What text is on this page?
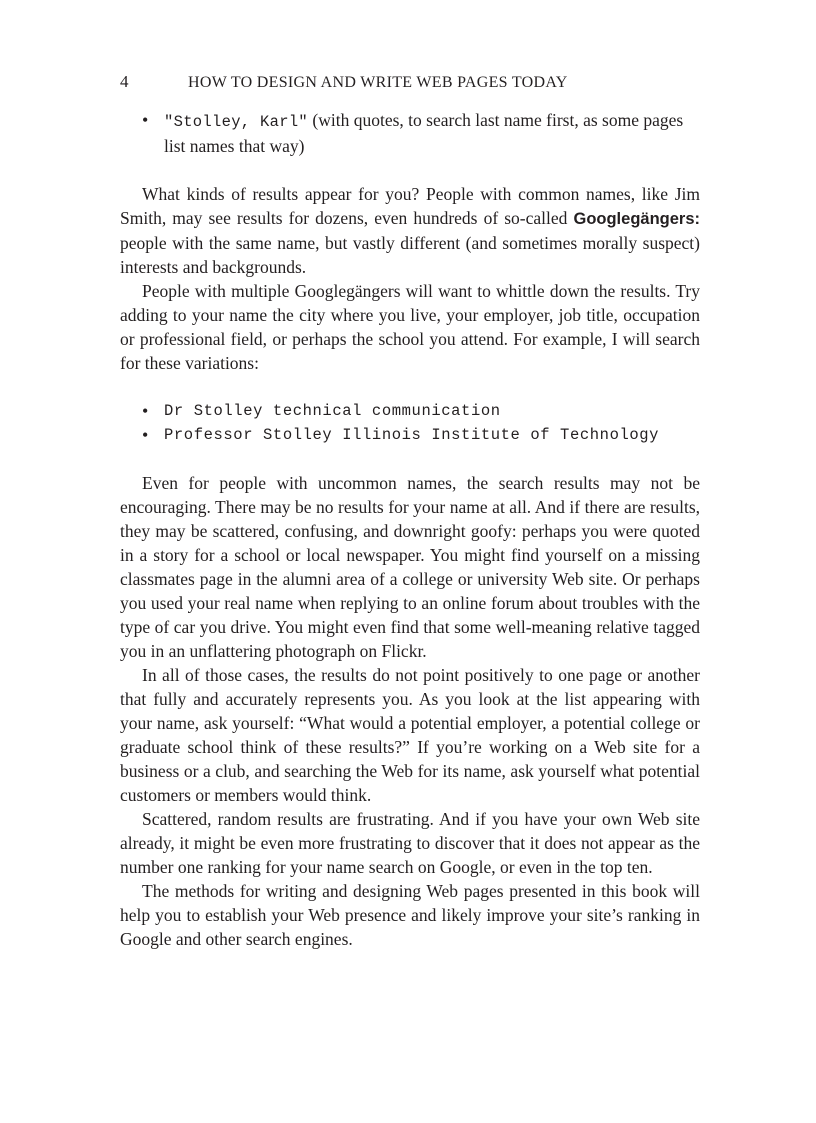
4	HOW TO DESIGN AND WRITE WEB PAGES TODAY
• "Stolley, Karl" (with quotes, to search last name first, as some pages list names that way)

What kinds of results appear for you? People with common names, like Jim Smith, may see results for dozens, even hundreds of so-called Googlegängers: people with the same name, but vastly different (and sometimes morally suspect) interests and backgrounds.

People with multiple Googlegängers will want to whittle down the results. Try adding to your name the city where you live, your employer, job title, occupation or professional field, or perhaps the school you attend. For example, I will search for these variations:

• Dr Stolley technical communication
• Professor Stolley Illinois Institute of Technology

Even for people with uncommon names, the search results may not be encouraging. There may be no results for your name at all. And if there are results, they may be scattered, confusing, and downright goofy: perhaps you were quoted in a story for a school or local newspaper. You might find yourself on a missing classmates page in the alumni area of a college or university Web site. Or perhaps you used your real name when replying to an online forum about troubles with the type of car you drive. You might even find that some well-meaning relative tagged you in an unflattering photograph on Flickr.

In all of those cases, the results do not point positively to one page or another that fully and accurately represents you. As you look at the list appearing with your name, ask yourself: “What would a potential employer, a potential college or graduate school think of these results?” If you’re working on a Web site for a business or a club, and searching the Web for its name, ask yourself what potential customers or members would think.

Scattered, random results are frustrating. And if you have your own Web site already, it might be even more frustrating to discover that it does not appear as the number one ranking for your name search on Google, or even in the top ten.

The methods for writing and designing Web pages presented in this book will help you to establish your Web presence and likely improve your site’s ranking in Google and other search engines.
